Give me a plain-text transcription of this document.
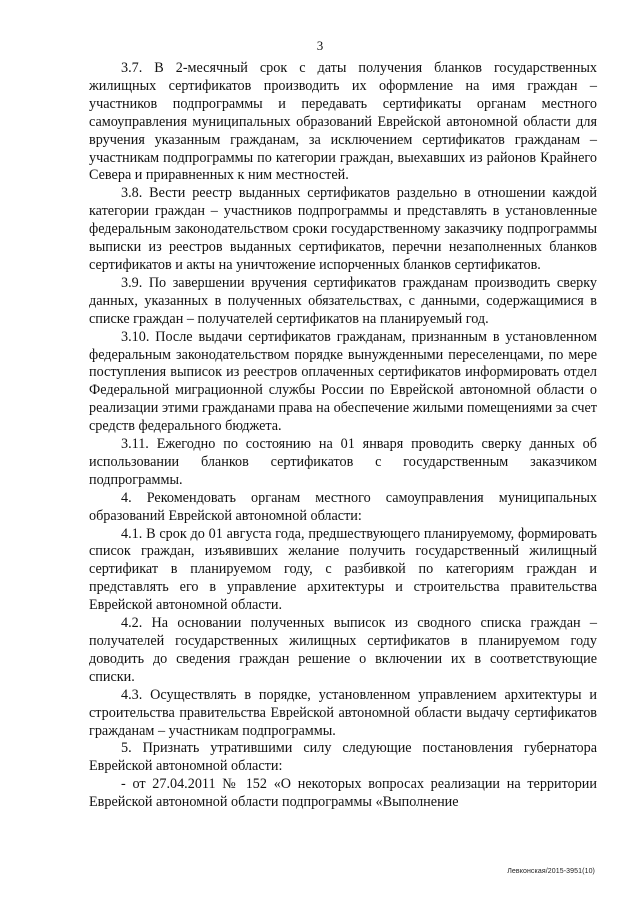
3

3.7. В 2-месячный срок с даты получения бланков государственных жилищных сертификатов производить их оформление на имя граждан – участников подпрограммы и передавать сертификаты органам местного самоуправления муниципальных образований Еврейской автономной области для вручения указанным гражданам, за исключением сертификатов гражданам – участникам подпрограммы по категории граждан, выехавших из районов Крайнего Севера и приравненных к ним местностей.

3.8. Вести реестр выданных сертификатов раздельно в отношении каждой категории граждан – участников подпрограммы и представлять в установленные федеральным законодательством сроки государственному заказчику подпрограммы выписки из реестров выданных сертификатов, перечни незаполненных бланков сертификатов и акты на уничтожение испорченных бланков сертификатов.

3.9. По завершении вручения сертификатов гражданам производить сверку данных, указанных в полученных обязательствах, с данными, содержащимися в списке граждан – получателей сертификатов на планируемый год.

3.10. После выдачи сертификатов гражданам, признанным в установленном федеральным законодательством порядке вынужденными переселенцами, по мере поступления выписок из реестров оплаченных сертификатов информировать отдел Федеральной миграционной службы России по Еврейской автономной области о реализации этими гражданами права на обеспечение жилыми помещениями за счет средств федерального бюджета.

3.11. Ежегодно по состоянию на 01 января проводить сверку данных об использовании бланков сертификатов с государственным заказчиком подпрограммы.

4. Рекомендовать органам местного самоуправления муниципальных образований Еврейской автономной области:

4.1. В срок до 01 августа года, предшествующего планируемому, формировать список граждан, изъявивших желание получить государственный жилищный сертификат в планируемом году, с разбивкой по категориям граждан и представлять его в управление архитектуры и строительства правительства Еврейской автономной области.

4.2. На основании полученных выписок из сводного списка граждан – получателей государственных жилищных сертификатов в планируемом году доводить до сведения граждан решение о включении их в соответствующие списки.

4.3. Осуществлять в порядке, установленном управлением архитектуры и строительства правительства Еврейской автономной области выдачу сертификатов гражданам – участникам подпрограммы.

5. Признать утратившими силу следующие постановления губернатора Еврейской автономной области:

- от 27.04.2011 № 152 «О некоторых вопросах реализации на территории Еврейской автономной области подпрограммы «Выполнение

Левконская/2015-3951(10)
